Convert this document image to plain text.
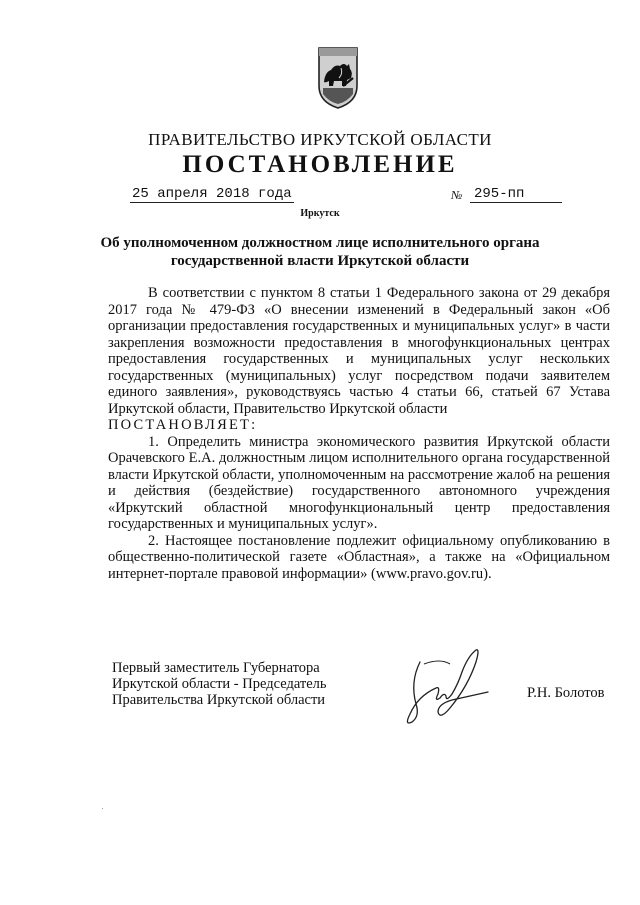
ПРАВИТЕЛЬСТВО ИРКУТСКОЙ ОБЛАСТИ
ПОСТАНОВЛЕНИЕ
25 апреля 2018 года	№ 295-пп
Иркутск
Об уполномоченном должностном лице исполнительного органа государственной власти Иркутской области

В соответствии с пунктом 8 статьи 1 Федерального закона от 29 декабря 2017 года № 479-ФЗ «О внесении изменений в Федеральный закон «Об организации предоставления государственных и муниципальных услуг» в части закрепления возможности предоставления в многофункциональных центрах предоставления государственных и муниципальных услуг нескольких государственных (муниципальных) услуг посредством подачи заявителем единого заявления», руководствуясь частью 4 статьи 66, статьей 67 Устава Иркутской области, Правительство Иркутской области

ПОСТАНОВЛЯЕТ:

1. Определить министра экономического развития Иркутской области Орачевского Е.А. должностным лицом исполнительного органа государственной власти Иркутской области, уполномоченным на рассмотрение жалоб на решения и действия (бездействие) государственного автономного учреждения «Иркутский областной многофункциональный центр предоставления государственных и муниципальных услуг».

2. Настоящее постановление подлежит официальному опубликованию в общественно-политической газете «Областная», а также на «Официальном интернет-портале правовой информации» (www.pravo.gov.ru).

Первый заместитель Губернатора
Иркутской области - Председатель
Правительства Иркутской области	Р.Н. Болотов
